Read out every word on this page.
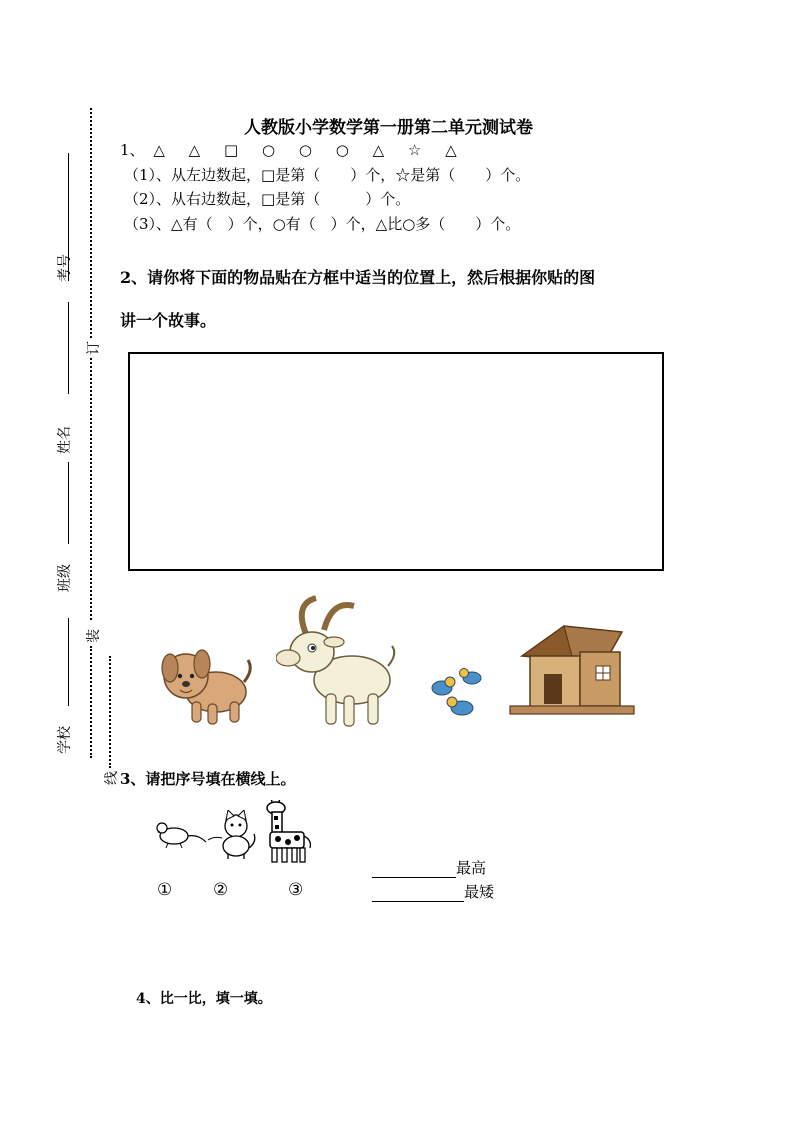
考号
姓名
班级
学校
订
装
线
人教版小学数学第一册第二单元测试卷
1、 △ △ □ ○ ○ ○ △ ☆ △
（1）、从左边数起，□是第（　　）个，☆是第（　　）个。
（2）、从右边数起，□是第（　　　）个。
（3）、△有（　）个，○有（　）个，△比○多（　　）个。
2、请你将下面的物品贴在方框中适当的位置上，然后根据你贴的图
讲一个故事。
3、请把序号填在横线上。
① ②	③
最高
最矮
4、比一比，填一填。
